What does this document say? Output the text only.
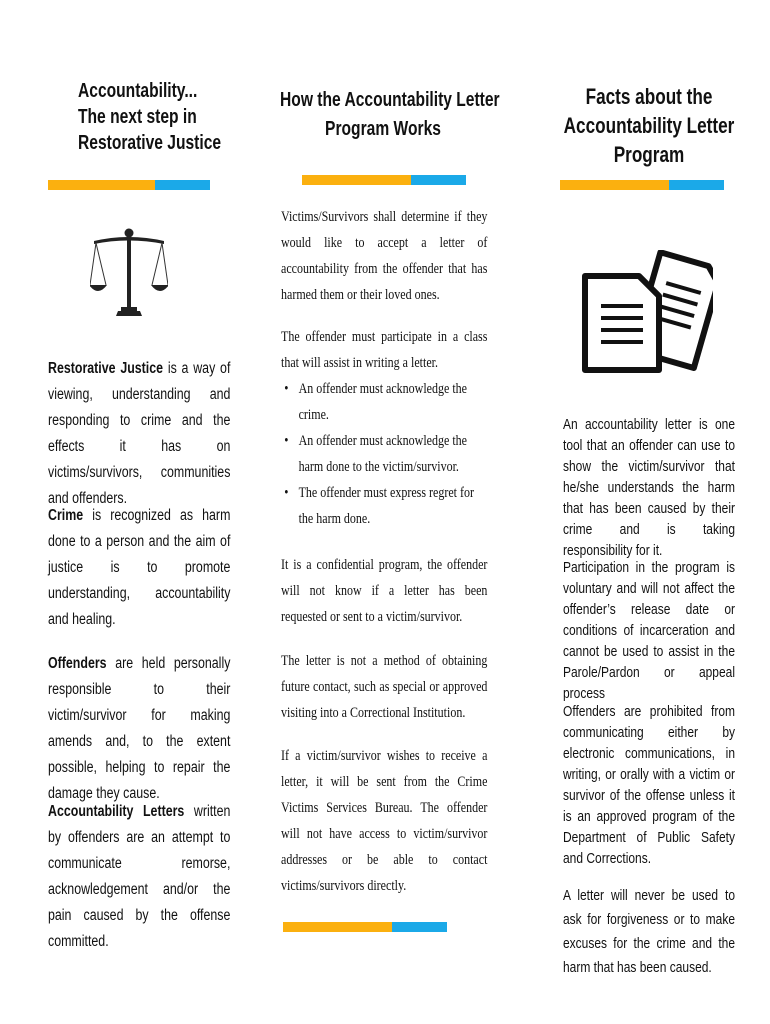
Accountability...
The next step in
Restorative Justice
Restorative Justice is a way of viewing, understanding and responding to crime and the effects it has on victims/survivors, communities and offenders.
Crime is recognized as harm done to a person and the aim of justice is to promote understanding, accountability and healing.
Offenders are held personally responsible to their victim/survivor for making amends and, to the extent possible, helping to repair the damage they cause.
Accountability Letters written by offenders are an attempt to communicate remorse, acknowledgement and/or the pain caused by the offense committed.
How the Accountability Letter
Program Works
Victims/Survivors shall determine if they would like to accept a letter of accountability from the offender that has harmed them or their loved ones.
The offender must participate in a class that will assist in writing a letter.
• An offender must acknowledge the crime.
• An offender must acknowledge the harm done to the victim/survivor.
• The offender must express regret for the harm done.
It is a confidential program, the offender will not know if a letter has been requested or sent to a victim/survivor.
The letter is not a method of obtaining future contact, such as special or approved visiting into a Correctional Institution.
If a victim/survivor wishes to receive a letter, it will be sent from the Crime Victims Services Bureau. The offender will not have access to victim/survivor addresses or be able to contact victims/survivors directly.
Facts about the
Accountability Letter
Program
An accountability letter is one tool that an offender can use to show the victim/survivor that he/she understands the harm that has been caused by their crime and is taking responsibility for it.
Participation in the program is voluntary and will not affect the offender’s release date or conditions of incarceration and cannot be used to assist in the Parole/Pardon or appeal process
Offenders are prohibited from communicating either by electronic communications, in writing, or orally with a victim or survivor of the offense unless it is an approved program of the Department of Public Safety and Corrections.
A letter will never be used to ask for forgiveness or to make excuses for the crime and the harm that has been caused.
